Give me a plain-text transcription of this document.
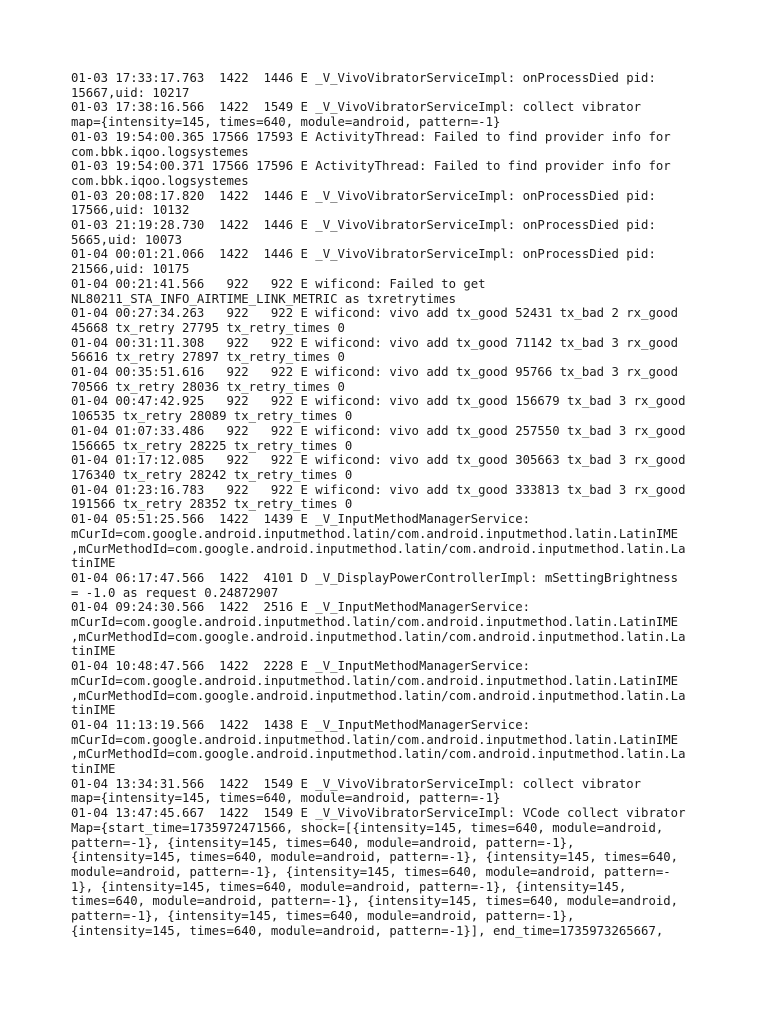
01-03 17:33:17.763  1422  1446 E _V_VivoVibratorServiceImpl: onProcessDied pid:
15667,uid: 10217
01-03 17:38:16.566  1422  1549 E _V_VivoVibratorServiceImpl: collect vibrator
map={intensity=145, times=640, module=android, pattern=-1}
01-03 19:54:00.365 17566 17593 E ActivityThread: Failed to find provider info for
com.bbk.iqoo.logsystemes
01-03 19:54:00.371 17566 17596 E ActivityThread: Failed to find provider info for
com.bbk.iqoo.logsystemes
01-03 20:08:17.820  1422  1446 E _V_VivoVibratorServiceImpl: onProcessDied pid:
17566,uid: 10132
01-03 21:19:28.730  1422  1446 E _V_VivoVibratorServiceImpl: onProcessDied pid:
5665,uid: 10073
01-04 00:01:21.066  1422  1446 E _V_VivoVibratorServiceImpl: onProcessDied pid:
21566,uid: 10175
01-04 00:21:41.566   922   922 E wificond: Failed to get
NL80211_STA_INFO_AIRTIME_LINK_METRIC as txretrytimes
01-04 00:27:34.263   922   922 E wificond: vivo add tx_good 52431 tx_bad 2 rx_good
45668 tx_retry 27795 tx_retry_times 0
01-04 00:31:11.308   922   922 E wificond: vivo add tx_good 71142 tx_bad 3 rx_good
56616 tx_retry 27897 tx_retry_times 0
01-04 00:35:51.616   922   922 E wificond: vivo add tx_good 95766 tx_bad 3 rx_good
70566 tx_retry 28036 tx_retry_times 0
01-04 00:47:42.925   922   922 E wificond: vivo add tx_good 156679 tx_bad 3 rx_good
106535 tx_retry 28089 tx_retry_times 0
01-04 01:07:33.486   922   922 E wificond: vivo add tx_good 257550 tx_bad 3 rx_good
156665 tx_retry 28225 tx_retry_times 0
01-04 01:17:12.085   922   922 E wificond: vivo add tx_good 305663 tx_bad 3 rx_good
176340 tx_retry 28242 tx_retry_times 0
01-04 01:23:16.783   922   922 E wificond: vivo add tx_good 333813 tx_bad 3 rx_good
191566 tx_retry 28352 tx_retry_times 0
01-04 05:51:25.566  1422  1439 E _V_InputMethodManagerService:
mCurId=com.google.android.inputmethod.latin/com.android.inputmethod.latin.LatinIME
,mCurMethodId=com.google.android.inputmethod.latin/com.android.inputmethod.latin.La
tinIME
01-04 06:17:47.566  1422  4101 D _V_DisplayPowerControllerImpl: mSettingBrightness
= -1.0 as request 0.24872907
01-04 09:24:30.566  1422  2516 E _V_InputMethodManagerService:
mCurId=com.google.android.inputmethod.latin/com.android.inputmethod.latin.LatinIME
,mCurMethodId=com.google.android.inputmethod.latin/com.android.inputmethod.latin.La
tinIME
01-04 10:48:47.566  1422  2228 E _V_InputMethodManagerService:
mCurId=com.google.android.inputmethod.latin/com.android.inputmethod.latin.LatinIME
,mCurMethodId=com.google.android.inputmethod.latin/com.android.inputmethod.latin.La
tinIME
01-04 11:13:19.566  1422  1438 E _V_InputMethodManagerService:
mCurId=com.google.android.inputmethod.latin/com.android.inputmethod.latin.LatinIME
,mCurMethodId=com.google.android.inputmethod.latin/com.android.inputmethod.latin.La
tinIME
01-04 13:34:31.566  1422  1549 E _V_VivoVibratorServiceImpl: collect vibrator
map={intensity=145, times=640, module=android, pattern=-1}
01-04 13:47:45.667  1422  1549 E _V_VivoVibratorServiceImpl: VCode collect vibrator
Map={start_time=1735972471566, shock=[{intensity=145, times=640, module=android,
pattern=-1}, {intensity=145, times=640, module=android, pattern=-1},
{intensity=145, times=640, module=android, pattern=-1}, {intensity=145, times=640,
module=android, pattern=-1}, {intensity=145, times=640, module=android, pattern=-
1}, {intensity=145, times=640, module=android, pattern=-1}, {intensity=145,
times=640, module=android, pattern=-1}, {intensity=145, times=640, module=android,
pattern=-1}, {intensity=145, times=640, module=android, pattern=-1},
{intensity=145, times=640, module=android, pattern=-1}], end_time=1735973265667,
